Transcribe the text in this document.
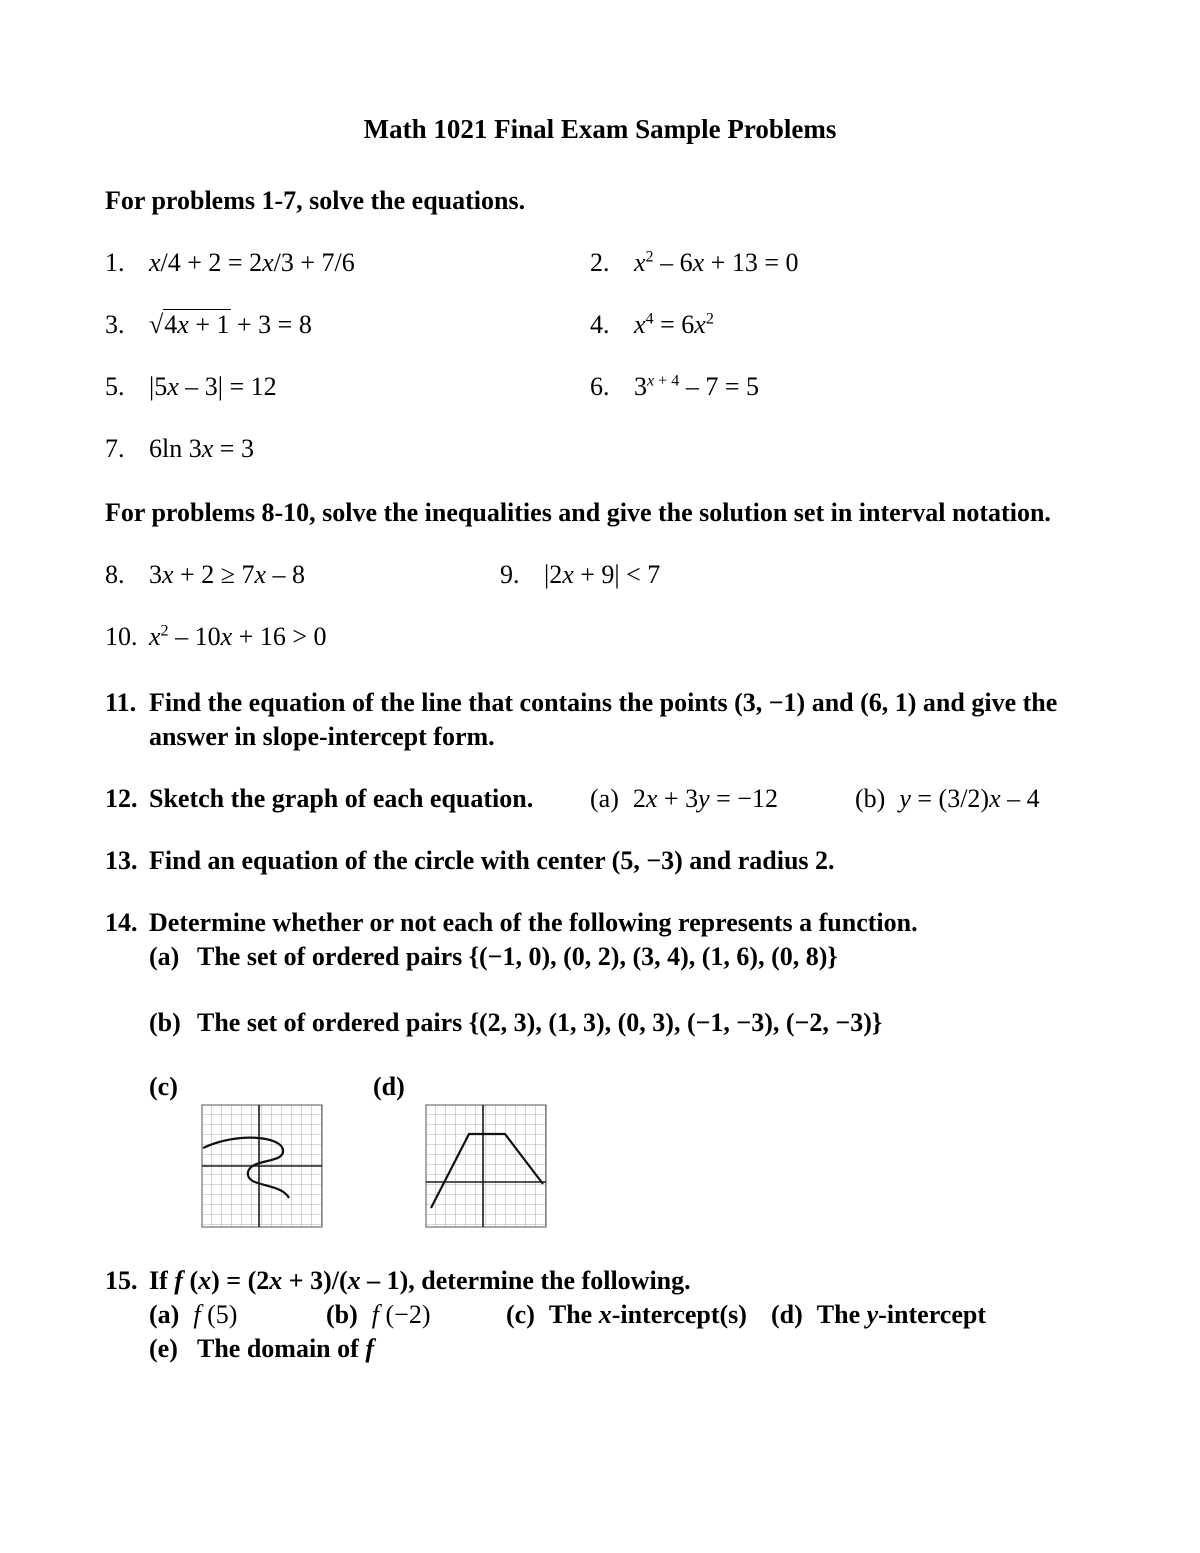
Math 1021 Final Exam Sample Problems

For problems 1-7, solve the equations.

1. x/4 + 2 = 2x/3 + 7/6	2. $x^2 - 6x + 13 = 0$
3. √4x + 1 + 3 = 8	4. $x^4 = 6x^2$
5. |5x – 3| = 12	6. $3^{x + 4} - 7 = 5$
7. 6ln 3x = 3

For problems 8-10, solve the inequalities and give the solution set in interval notation.

8. 3x + 2 ≥ 7x – 8	9. |2x + 9| < 7
10. $x^2 - 10x + 16 > 0$
11. Find the equation of the line that contains the points (3, −1) and (6, 1) and give the answer in slope-intercept form.
12. Sketch the graph of each equation. (a) 2x + 3y = −12	(b) y = (3/2)x – 4
13. Find an equation of the circle with center (5, −3) and radius 2.
14. Determine whether or not each of the following represents a function.
(a) The set of ordered pairs {(−1, 0), (0, 2), (3, 4), (1, 6), (0, 8)}
(b) The set of ordered pairs {(2, 3), (1, 3), (0, 3), (−1, −3), (−2, −3)}
(c)	(d)
15. If f (x) = (2x + 3)/(x – 1), determine the following.
(a) f (5)	(b) f (−2)	(c) The x-intercept(s) (d) The y-intercept
(e) The domain of f
